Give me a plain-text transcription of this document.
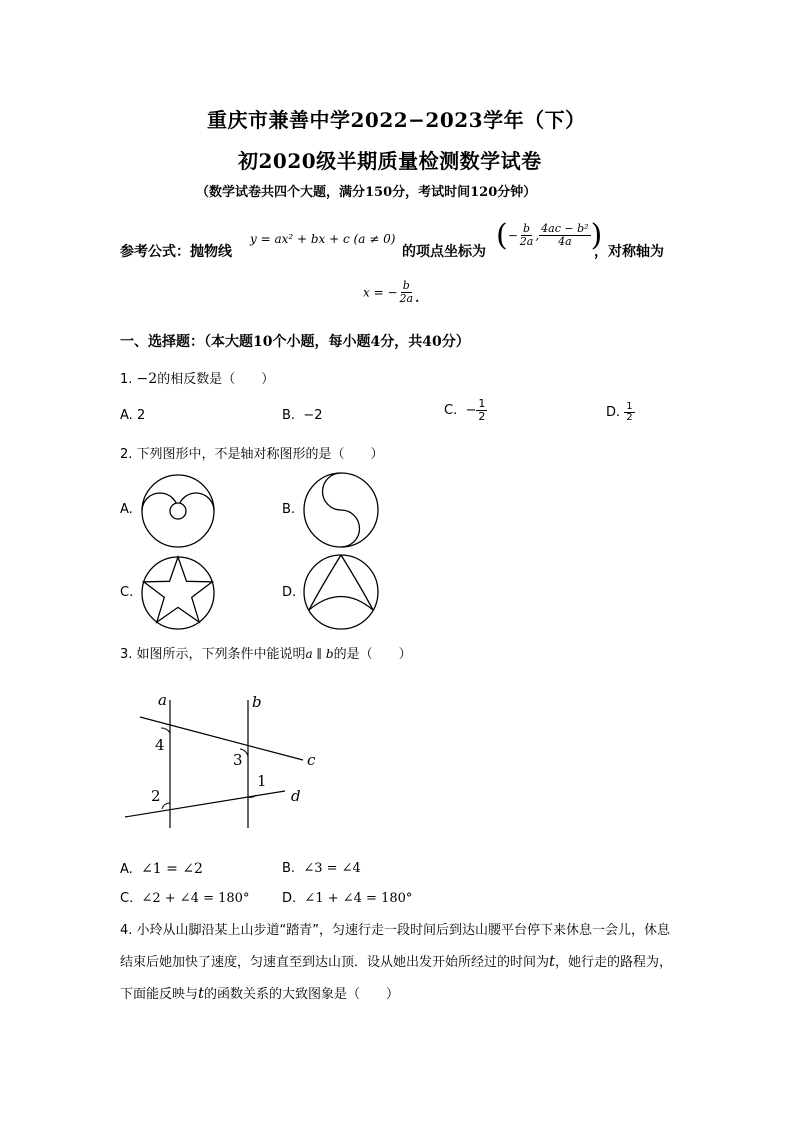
重庆市兼善中学2022−2023学年（下）
初2020级半期质量检测数学试卷
（数学试卷共四个大题，满分150分，考试时间120分钟）
参考公式：抛物线
y = ax² + bx + c (a ≠ 0)
的项点坐标为 (− $\frac{b}{2a}$ , $\frac{\text{4ac − b²}}{4a}$ )
，对称轴为
x = − $\frac{b}{2a}$ .
一、选择题：（本大题10个小题，每小题4分，共40分）
1. −2的相反数是（　　）
A. 2	B. −2	C. − $\frac{1}{2}$	D. $\frac{1}{2}$
2. 下列图形中，不是轴对称图形的是（　　）
A.	B.
C.	D.
3. 如图所示，下列条件中能说明a ∥ b的是（　　）
a	b
c
d
4
3
1
2
A. ∠1 = ∠2	B. ∠3 = ∠4
C. ∠2 + ∠4 = 180°	D. ∠1 + ∠4 = 180°
4. 小玲从山脚沿某上山步道“踏青”，匀速行走一段时间后到达山腰平台停下来休息一会儿，休息结束后她加快了速度，匀速直至到达山顶．设从她出发开始所经过的时间为t，她行走的路程为，下面能反映与t的函数关系的大致图象是（　　）
